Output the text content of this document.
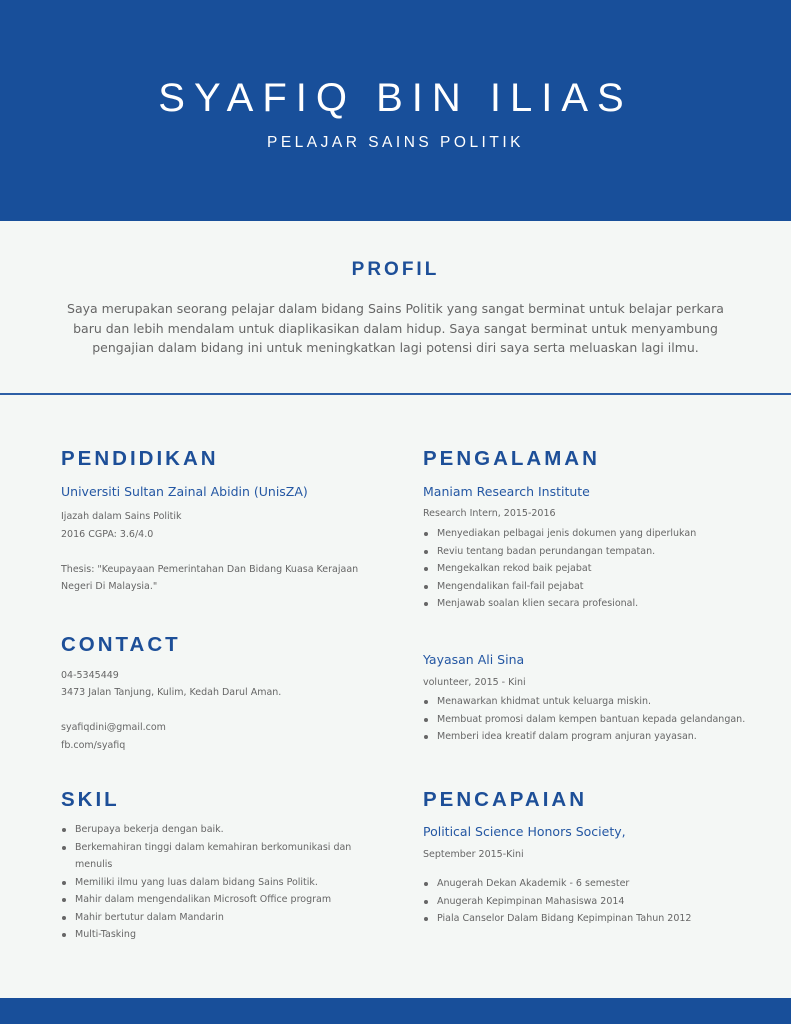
SYAFIQ BIN ILIAS
PELAJAR SAINS POLITIK
PROFIL

Saya merupakan seorang pelajar dalam bidang Sains Politik yang sangat berminat untuk belajar perkara baru dan lebih mendalam untuk diaplikasikan dalam hidup. Saya sangat berminat untuk menyambung pengajian dalam bidang ini untuk meningkatkan lagi potensi diri saya serta meluaskan lagi ilmu.

PENDIDIKAN
Universiti Sultan Zainal Abidin (UnisZA)
Ijazah dalam Sains Politik
2016 CGPA: 3.6/4.0
Thesis: "Keupayaan Pemerintahan Dan Bidang Kuasa Kerajaan
Negeri Di Malaysia."
CONTACT
04-5345449
3473 Jalan Tanjung, Kulim, Kedah Darul Aman.
syafiqdini@gmail.com
fb.com/syafiq
SKIL
Berupaya bekerja dengan baik.
Berkemahiran tinggi dalam kemahiran berkomunikasi dan menulis
Memiliki ilmu yang luas dalam bidang Sains Politik.
Mahir dalam mengendalikan Microsoft Office program
Mahir bertutur dalam Mandarin
Multi-Tasking
PENGALAMAN
Maniam Research Institute
Research Intern, 2015-2016
Menyediakan pelbagai jenis dokumen yang diperlukan
Reviu tentang badan perundangan tempatan.
Mengekalkan rekod baik pejabat
Mengendalikan fail-fail pejabat
Menjawab soalan klien secara profesional.
Yayasan Ali Sina
volunteer, 2015 - Kini
Menawarkan khidmat untuk keluarga miskin.
Membuat promosi dalam kempen bantuan kepada gelandangan.
Memberi idea kreatif dalam program anjuran yayasan.
PENCAPAIAN
Political Science Honors Society,
September 2015-Kini
Anugerah Dekan Akademik - 6 semester
Anugerah Kepimpinan Mahasiswa 2014
Piala Canselor Dalam Bidang Kepimpinan Tahun 2012
